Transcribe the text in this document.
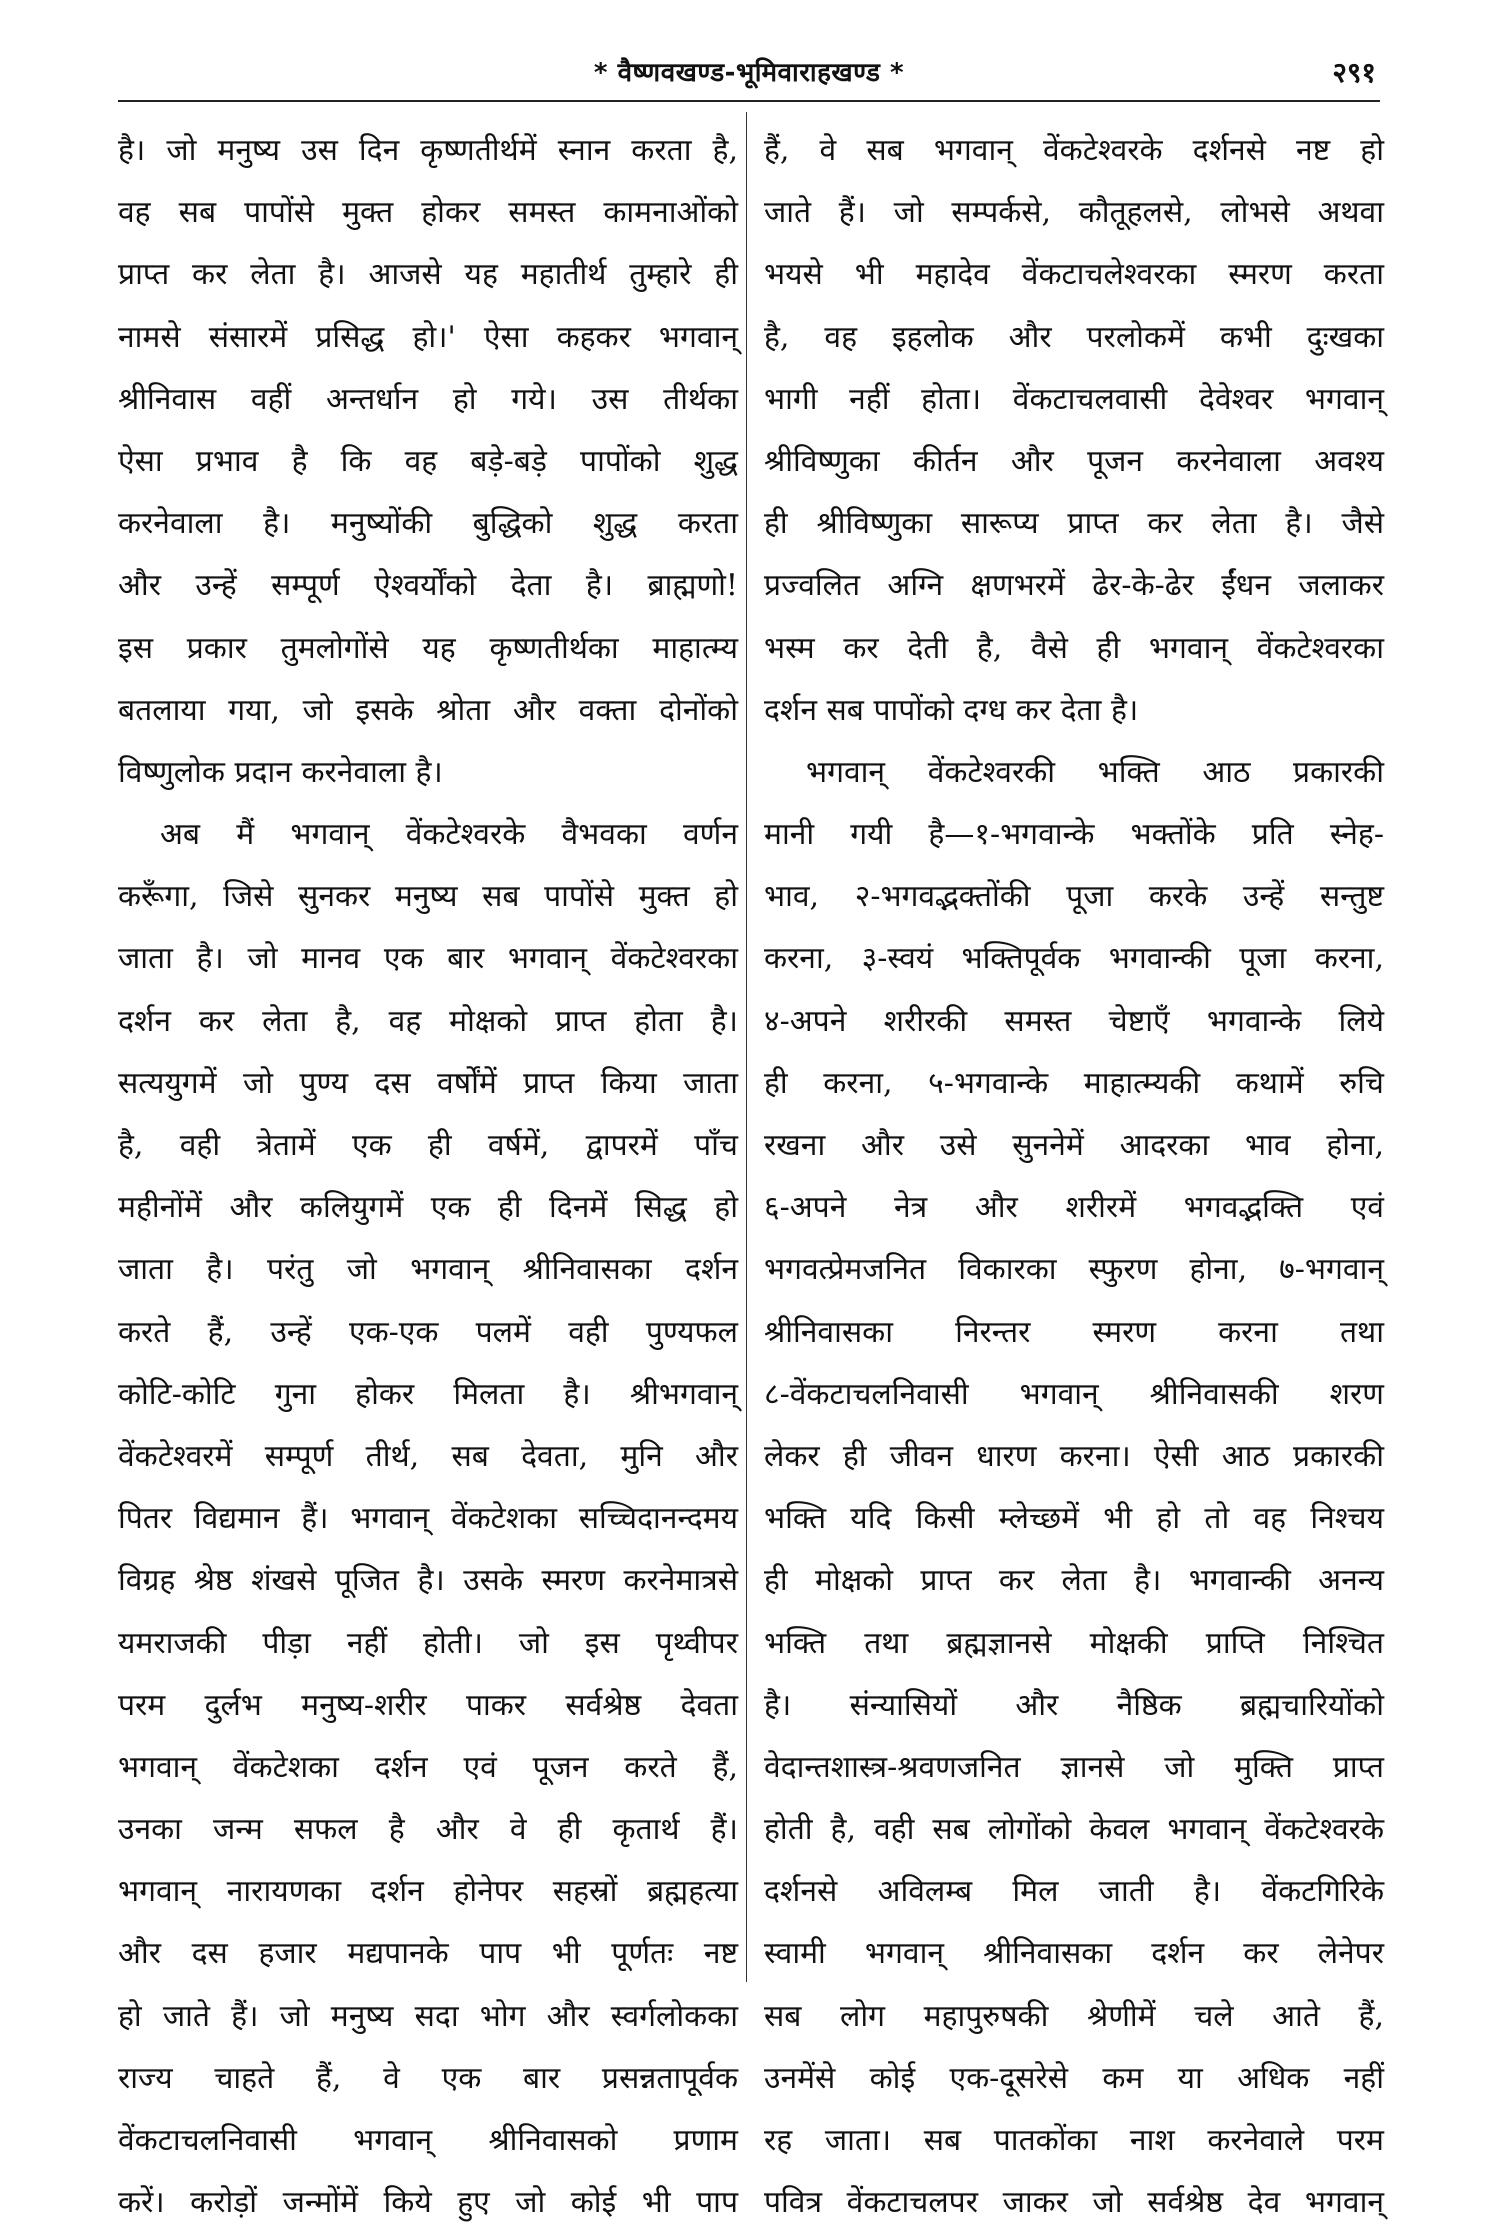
* वैष्णवखण्ड-भूमिवाराहखण्ड *	२९१
है। जो मनुष्य उस दिन कृष्णतीर्थमें स्नान करता है,
वह सब पापोंसे मुक्त होकर समस्त कामनाओंको
प्राप्त कर लेता है। आजसे यह महातीर्थ तुम्हारे ही
नामसे संसारमें प्रसिद्ध हो।' ऐसा कहकर भगवान्
श्रीनिवास वहीं अन्तर्धान हो गये। उस तीर्थका
ऐसा प्रभाव है कि वह बड़े-बड़े पापोंको शुद्ध
करनेवाला है। मनुष्योंकी बुद्धिको शुद्ध करता
और उन्हें सम्पूर्ण ऐश्वर्योंको देता है। ब्राह्मणो!
इस प्रकार तुमलोगोंसे यह कृष्णतीर्थका माहात्म्य
बतलाया गया, जो इसके श्रोता और वक्ता दोनोंको
विष्णुलोक प्रदान करनेवाला है।
अब मैं भगवान् वेंकटेश्वरके वैभवका वर्णन
करूँगा, जिसे सुनकर मनुष्य सब पापोंसे मुक्त हो
जाता है। जो मानव एक बार भगवान् वेंकटेश्वरका
दर्शन कर लेता है, वह मोक्षको प्राप्त होता है।
सत्ययुगमें जो पुण्य दस वर्षोंमें प्राप्त किया जाता
है, वही त्रेतामें एक ही वर्षमें, द्वापरमें पाँच
महीनोंमें और कलियुगमें एक ही दिनमें सिद्ध हो
जाता है। परंतु जो भगवान् श्रीनिवासका दर्शन
करते हैं, उन्हें एक-एक पलमें वही पुण्यफल
कोटि-कोटि गुना होकर मिलता है। श्रीभगवान्
वेंकटेश्वरमें सम्पूर्ण तीर्थ, सब देवता, मुनि और
पितर विद्यमान हैं। भगवान् वेंकटेशका सच्चिदानन्दमय
विग्रह श्रेष्ठ शंखसे पूजित है। उसके स्मरण करनेमात्रसे
यमराजकी पीड़ा नहीं होती। जो इस पृथ्वीपर
परम दुर्लभ मनुष्य-शरीर पाकर सर्वश्रेष्ठ देवता
भगवान् वेंकटेशका दर्शन एवं पूजन करते हैं,
उनका जन्म सफल है और वे ही कृतार्थ हैं।
भगवान् नारायणका दर्शन होनेपर सहस्रों ब्रह्महत्या
और दस हजार मद्यपानके पाप भी पूर्णतः नष्ट
हो जाते हैं। जो मनुष्य सदा भोग और स्वर्गलोकका
राज्य चाहते हैं, वे एक बार प्रसन्नतापूर्वक
वेंकटाचलनिवासी भगवान् श्रीनिवासको प्रणाम
करें। करोड़ों जन्मोंमें किये हुए जो कोई भी पाप
हैं, वे सब भगवान् वेंकटेश्वरके दर्शनसे नष्ट हो
जाते हैं। जो सम्पर्कसे, कौतूहलसे, लोभसे अथवा
भयसे भी महादेव वेंकटाचलेश्वरका स्मरण करता
है, वह इहलोक और परलोकमें कभी दुःखका
भागी नहीं होता। वेंकटाचलवासी देवेश्वर भगवान्
श्रीविष्णुका कीर्तन और पूजन करनेवाला अवश्य
ही श्रीविष्णुका सारूप्य प्राप्त कर लेता है। जैसे
प्रज्वलित अग्नि क्षणभरमें ढेर-के-ढेर ईंधन जलाकर
भस्म कर देती है, वैसे ही भगवान् वेंकटेश्वरका
दर्शन सब पापोंको दग्ध कर देता है।
भगवान् वेंकटेश्वरकी भक्ति आठ प्रकारकी
मानी गयी है—१-भगवान्के भक्तोंके प्रति स्नेह-
भाव, २-भगवद्भक्तोंकी पूजा करके उन्हें सन्तुष्ट
करना, ३-स्वयं भक्तिपूर्वक भगवान्की पूजा करना,
४-अपने शरीरकी समस्त चेष्टाएँ भगवान्के लिये
ही करना, ५-भगवान्के माहात्म्यकी कथामें रुचि
रखना और उसे सुननेमें आदरका भाव होना,
६-अपने नेत्र और शरीरमें भगवद्भक्ति एवं
भगवत्प्रेमजनित विकारका स्फुरण होना, ७-भगवान्
श्रीनिवासका निरन्तर स्मरण करना तथा
८-वेंकटाचलनिवासी भगवान् श्रीनिवासकी शरण
लेकर ही जीवन धारण करना। ऐसी आठ प्रकारकी
भक्ति यदि किसी म्लेच्छमें भी हो तो वह निश्चय
ही मोक्षको प्राप्त कर लेता है। भगवान्की अनन्य
भक्ति तथा ब्रह्मज्ञानसे मोक्षकी प्राप्ति निश्चित
है। संन्यासियों और नैष्ठिक ब्रह्मचारियोंको
वेदान्तशास्त्र-श्रवणजनित ज्ञानसे जो मुक्ति प्राप्त
होती है, वही सब लोगोंको केवल भगवान् वेंकटेश्वरके
दर्शनसे अविलम्ब मिल जाती है। वेंकटगिरिके
स्वामी भगवान् श्रीनिवासका दर्शन कर लेनेपर
सब लोग महापुरुषकी श्रेणीमें चले आते हैं,
उनमेंसे कोई एक-दूसरेसे कम या अधिक नहीं
रह जाता। सब पातकोंका नाश करनेवाले परम
पवित्र वेंकटाचलपर जाकर जो सर्वश्रेष्ठ देव भगवान्
